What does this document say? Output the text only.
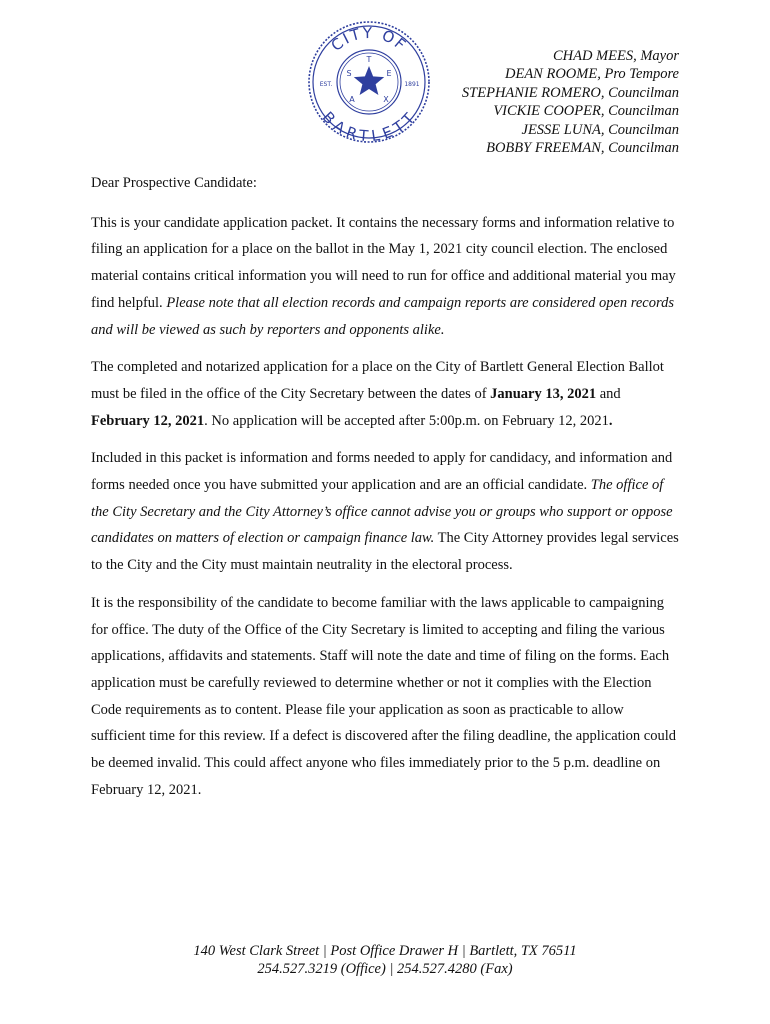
CITY OF
BARTLETT
EST.	1891
T
E
X
A
S
CHAD MEES, Mayor
DEAN ROOME, Pro Tempore
STEPHANIE ROMERO, Councilman
VICKIE COOPER, Councilman
JESSE LUNA, Councilman
BOBBY FREEMAN, Councilman

Dear Prospective Candidate:

This is your candidate application packet. It contains the necessary forms and information relative to filing an application for a place on the ballot in the May 1, 2021 city council election. The enclosed material contains critical information you will need to run for office and additional material you may find helpful. Please note that all election records and campaign reports are considered open records and will be viewed as such by reporters and opponents alike.

The completed and notarized application for a place on the City of Bartlett General Election Ballot must be filed in the office of the City Secretary between the dates of January 13, 2021 and February 12, 2021. No application will be accepted after 5:00p.m. on February 12, 2021.

Included in this packet is information and forms needed to apply for candidacy, and information and forms needed once you have submitted your application and are an official candidate. The office of the City Secretary and the City Attorney’s office cannot advise you or groups who support or oppose candidates on matters of election or campaign finance law. The City Attorney provides legal services to the City and the City must maintain neutrality in the electoral process.

It is the responsibility of the candidate to become familiar with the laws applicable to campaigning for office. The duty of the Office of the City Secretary is limited to accepting and filing the various applications, affidavits and statements. Staff will note the date and time of filing on the forms. Each application must be carefully reviewed to determine whether or not it complies with the Election Code requirements as to content. Please file your application as soon as practicable to allow sufficient time for this review. If a defect is discovered after the filing deadline, the application could be deemed invalid. This could affect anyone who files immediately prior to the 5 p.m. deadline on February 12, 2021.

140 West Clark Street | Post Office Drawer H | Bartlett, TX 76511
254.527.3219 (Office) | 254.527.4280 (Fax)
